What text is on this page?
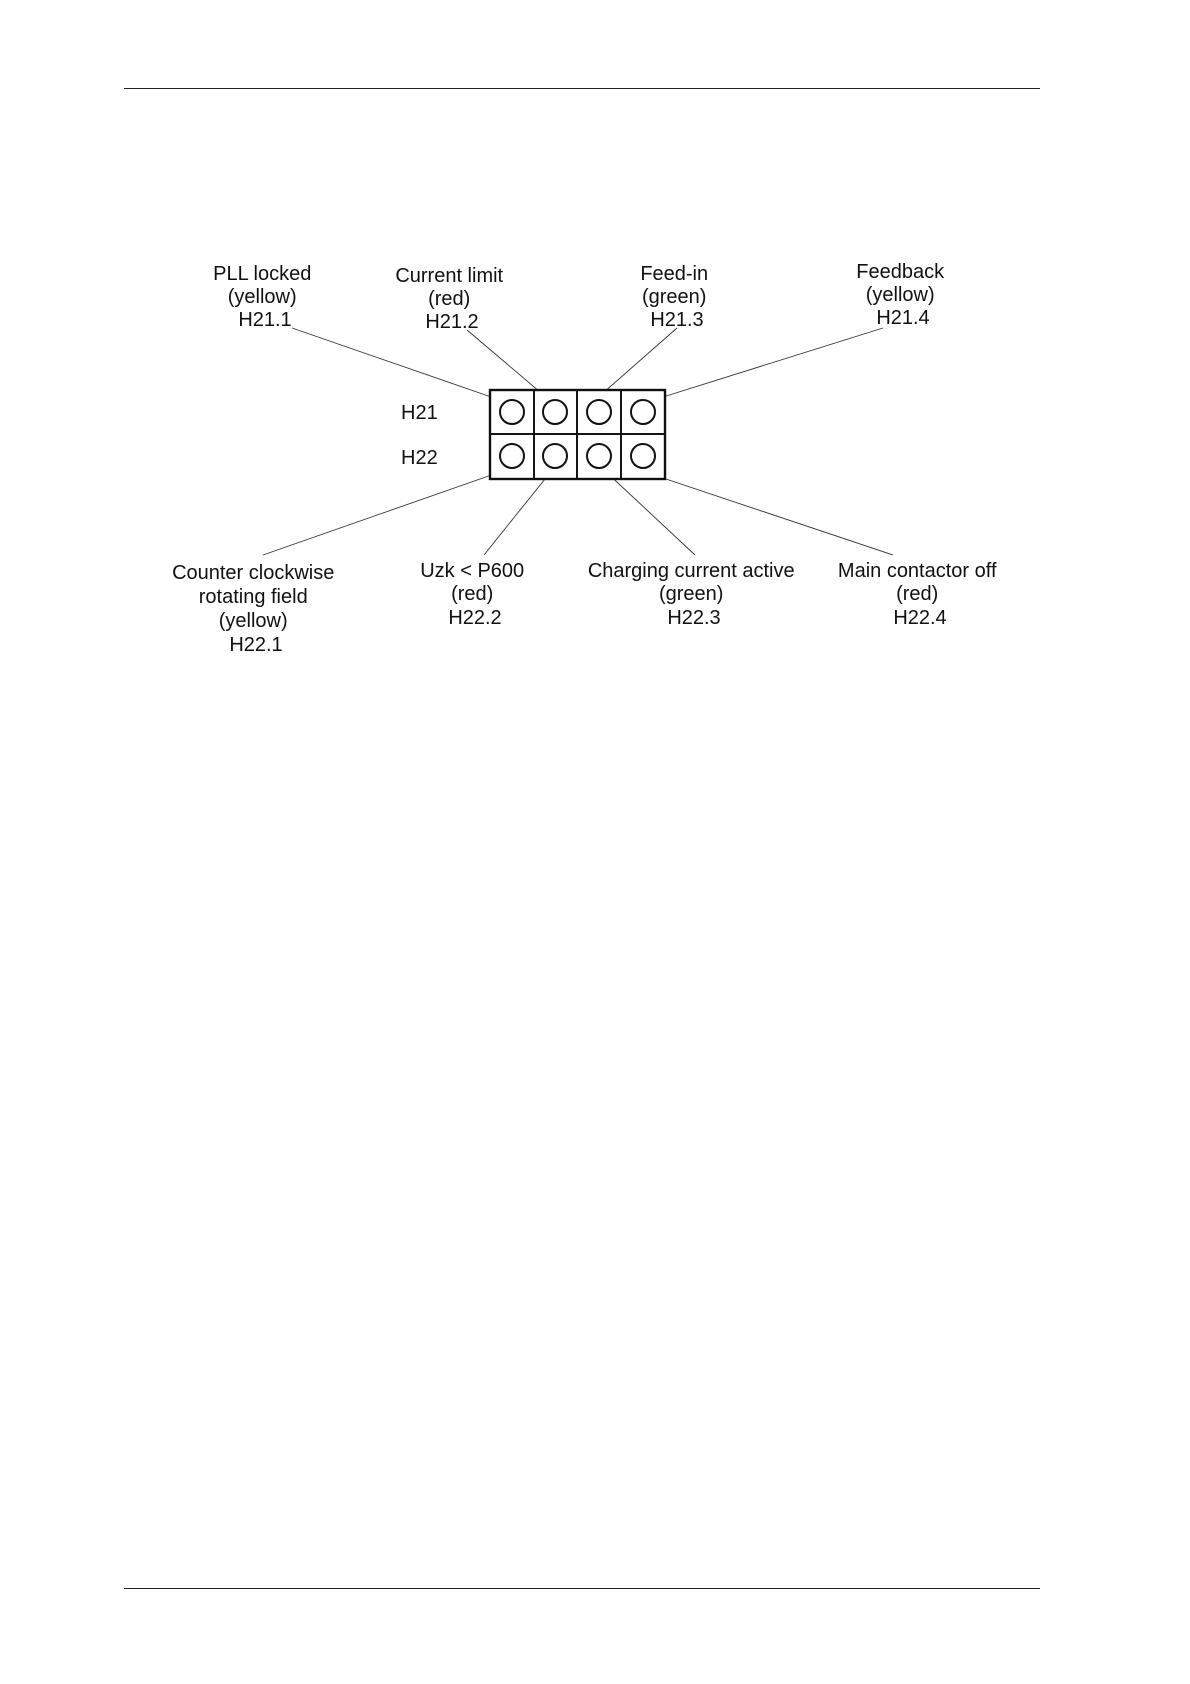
H21
H22
PLL locked (yellow) H21.1
Current limit (red) H21.2
Feed-in (green) H21.3
Feedback (yellow) H21.4
Counter clockwise rotating field (yellow) H22.1
Uzk < P600 (red) H22.2
Charging current active (green) H22.3
Main contactor off (red) H22.4
